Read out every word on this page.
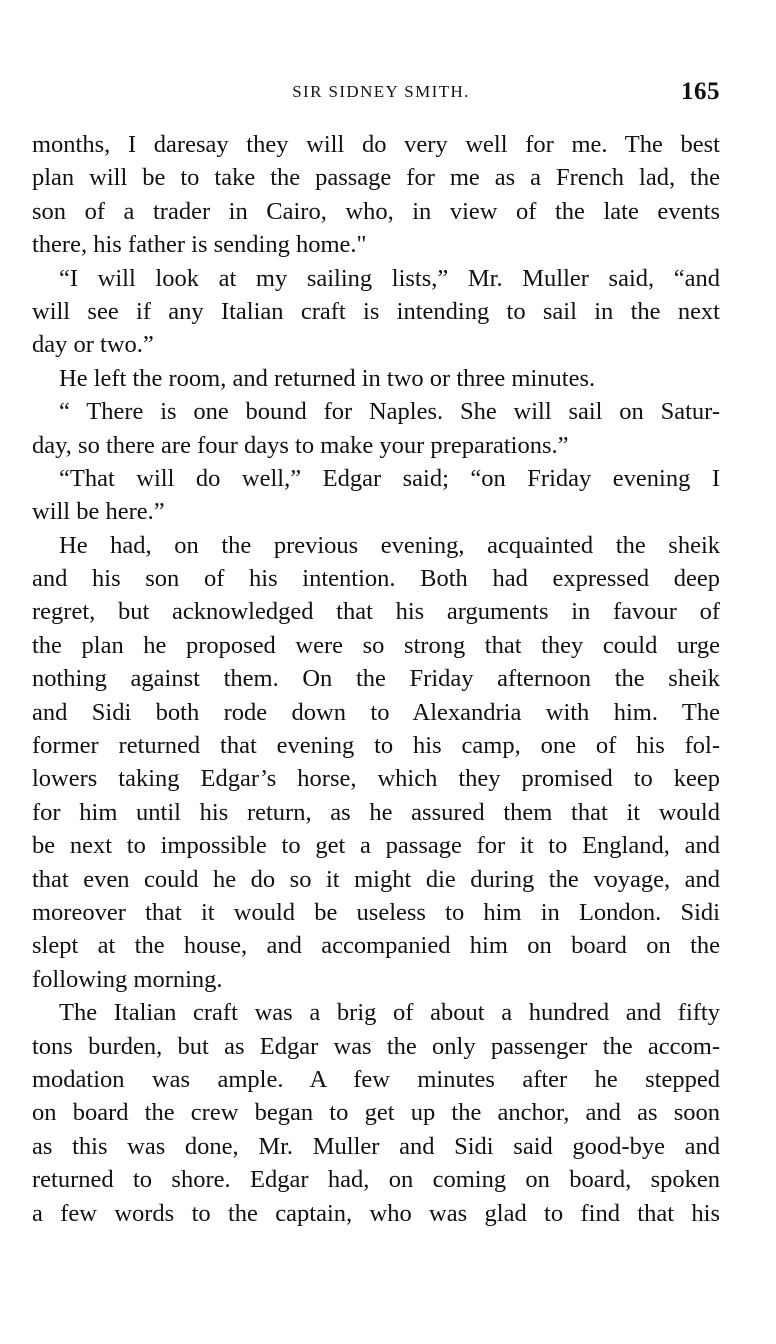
SIR SIDNEY SMITH.	165
months, I daresay they will do very well for me. The best
plan will be to take the passage for me as a French lad, the
son of a trader in Cairo, who, in view of the late events
there, his father is sending home."
“I will look at my sailing lists,” Mr. Muller said, “and
will see if any Italian craft is intending to sail in the next
day or two.”
He left the room, and returned in two or three minutes.
“ There is one bound for Naples. She will sail on Satur-
day, so there are four days to make your preparations.”
“That will do well,” Edgar said; “on Friday evening I
will be here.”
He had, on the previous evening, acquainted the sheik
and his son of his intention. Both had expressed deep
regret, but acknowledged that his arguments in favour of
the plan he proposed were so strong that they could urge
nothing against them. On the Friday afternoon the sheik
and Sidi both rode down to Alexandria with him. The
former returned that evening to his camp, one of his fol-
lowers taking Edgar’s horse, which they promised to keep
for him until his return, as he assured them that it would
be next to impossible to get a passage for it to England, and
that even could he do so it might die during the voyage, and
moreover that it would be useless to him in London. Sidi
slept at the house, and accompanied him on board on the
following morning.
The Italian craft was a brig of about a hundred and fifty
tons burden, but as Edgar was the only passenger the accom-
modation was ample. A few minutes after he stepped
on board the crew began to get up the anchor, and as soon
as this was done, Mr. Muller and Sidi said good-bye and
returned to shore. Edgar had, on coming on board, spoken
a few words to the captain, who was glad to find that his
